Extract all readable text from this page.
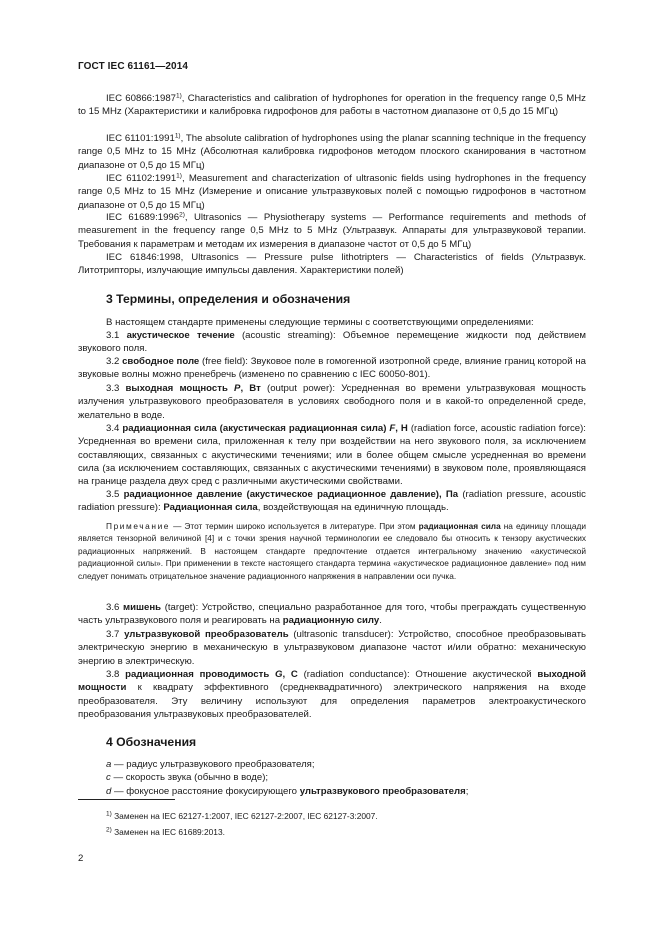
ГОСТ IEC 61161—2014
IEC 60866:1987$^{1)}$, Characteristics and calibration of hydrophones for operation in the frequency range 0,5 MHz to 15 MHz (Характеристики и калибровка гидрофонов для работы в частотном диапазоне от 0,5 до 15 МГц)
IEC 61101:1991$^{1)}$, The absolute calibration of hydrophones using the planar scanning technique in the frequency range 0,5 MHz to 15 MHz (Абсолютная калибровка гидрофонов методом плоского сканирования в частотном диапазоне от 0,5 до 15 МГц)
IEC 61102:1991$^{1)}$, Measurement and characterization of ultrasonic fields using hydrophones in the frequency range 0,5 MHz to 15 MHz (Измерение и описание ультразвуковых полей с помощью гидрофонов в частотном диапазоне от 0,5 до 15 МГц)
IEC 61689:1996$^{2)}$, Ultrasonics — Physiotherapy systems — Performance requirements and methods of measurement in the frequency range 0,5 MHz to 5 MHz (Ультразвук. Аппараты для ультразвуковой терапии. Требования к параметрам и методам их измерения в диапазоне частот от 0,5 до 5 МГц)
IEC 61846:1998, Ultrasonics — Pressure pulse lithotripters — Characteristics of fields (Ультразвук. Литотрипторы, излучающие импульсы давления. Характеристики полей)
3 Термины, определения и обозначения
В настоящем стандарте применены следующие термины с соответствующими определениями:
3.1 акустическое течение (acoustic streaming): Объемное перемещение жидкости под действием звукового поля.
3.2 свободное поле (free field): Звуковое поле в гомогенной изотропной среде, влияние границ которой на звуковые волны можно пренебречь (изменено по сравнению с IEC 60050-801).
3.3 выходная мощность P, Вт (output power): Усредненная во времени ультразвуковая мощность излучения ультразвукового преобразователя в условиях свободного поля и в какой-то определенной среде, желательно в воде.
3.4 радиационная сила (акустическая радиационная сила) F, Н (radiation force, acoustic radiation force): Усредненная во времени сила, приложенная к телу при воздействии на него звукового поля, за исключением составляющих, связанных с акустическими течениями; или в более общем смысле усредненная во времени сила (за исключением составляющих, связанных с акустическими течениями) в звуковом поле, проявляющаяся на границе раздела двух сред с различными акустическими свойствами.
3.5 радиационное давление (акустическое радиационное давление), Па (radiation pressure, acoustic radiation pressure): Радиационная сила, воздействующая на единичную площадь.
Примечание — Этот термин широко используется в литературе. При этом радиационная сила на единицу площади является тензорной величиной [4] и с точки зрения научной терминологии ее следовало бы относить к тензору акустических радиационных напряжений. В настоящем стандарте предпочтение отдается интегральному значению «акустической радиационной силы». При применении в тексте настоящего стандарта термина «акустическое радиационное давление» под ним следует понимать отрицательное значение радиационного напряжения в направлении оси пучка.
3.6 мишень (target): Устройство, специально разработанное для того, чтобы преграждать существенную часть ультразвукового поля и реагировать на радиационную силу.
3.7 ультразвуковой преобразователь (ultrasonic transducer): Устройство, способное преобразовывать электрическую энергию в механическую в ультразвуковом диапазоне частот и/или обратно: механическую энергию в электрическую.
3.8 радиационная проводимость G, С (radiation conductance): Отношение акустической выходной мощности к квадрату эффективного (среднеквадратичного) электрического напряжения на входе преобразователя. Эту величину используют для определения параметров электроакустического преобразования ультразвуковых преобразователей.
4 Обозначения
a — радиус ультразвукового преобразователя;
c — скорость звука (обычно в воде);
d — фокусное расстояние фокусирующего ультразвукового преобразователя;
$^{1)}$ Заменен на IEC 62127-1:2007, IEC 62127-2:2007, IEC 62127-3:2007.
$^{2)}$ Заменен на IEC 61689:2013.
2
